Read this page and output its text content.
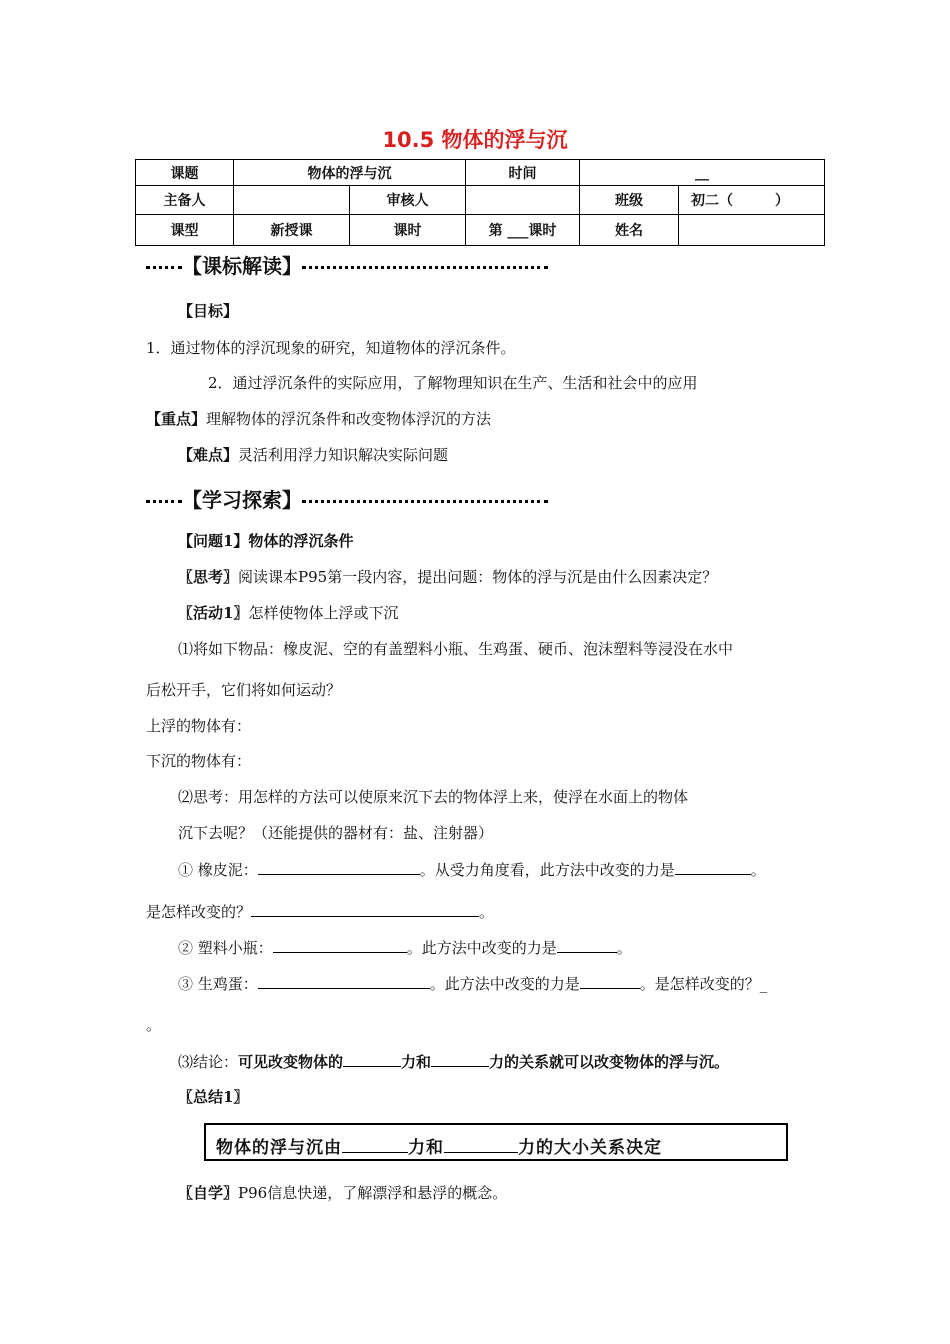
10.5 物体的浮与沉
课题	物体的浮与沉		时间	__	
主备人		审核人		班级	初二（　　　）
课型	新授课	课时	第 ___课时	姓名	
【课标解读】
【目标】
1．通过物体的浮沉现象的研究，知道物体的浮沉条件。
2．通过浮沉条件的实际应用，了解物理知识在生产、生活和社会中的应用
【重点】理解物体的浮沉条件和改变物体浮沉的方法
【难点】灵活利用浮力知识解决实际问题
【学习探索】
【问题1】物体的浮沉条件
〖思考〗阅读课本P95第一段内容，提出问题：物体的浮与沉是由什么因素决定？
〖活动1〗怎样使物体上浮或下沉
⑴将如下物品：橡皮泥、空的有盖塑料小瓶、生鸡蛋、硬币、泡沫塑料等浸没在水中
后松开手，它们将如何运动？
上浮的物体有：
下沉的物体有：
⑵思考：用怎样的方法可以使原来沉下去的物体浮上来，使浮在水面上的物体
沉下去呢？（还能提供的器材有：盐、注射器）
① 橡皮泥：	。从受力角度看，此方法中改变的力是	。
是怎样改变的？	。
② 塑料小瓶：	。此方法中改变的力是	。
③ 生鸡蛋：	。此方法中改变的力是	。是怎样改变的？_
。
⑶结论：可见改变物体的	力和	力的关系就可以改变物体的浮与沉。
〖总结1〗
物体的浮与沉由	力和	力的大小关系决定
〖自学〗P96信息快递，了解漂浮和悬浮的概念。
